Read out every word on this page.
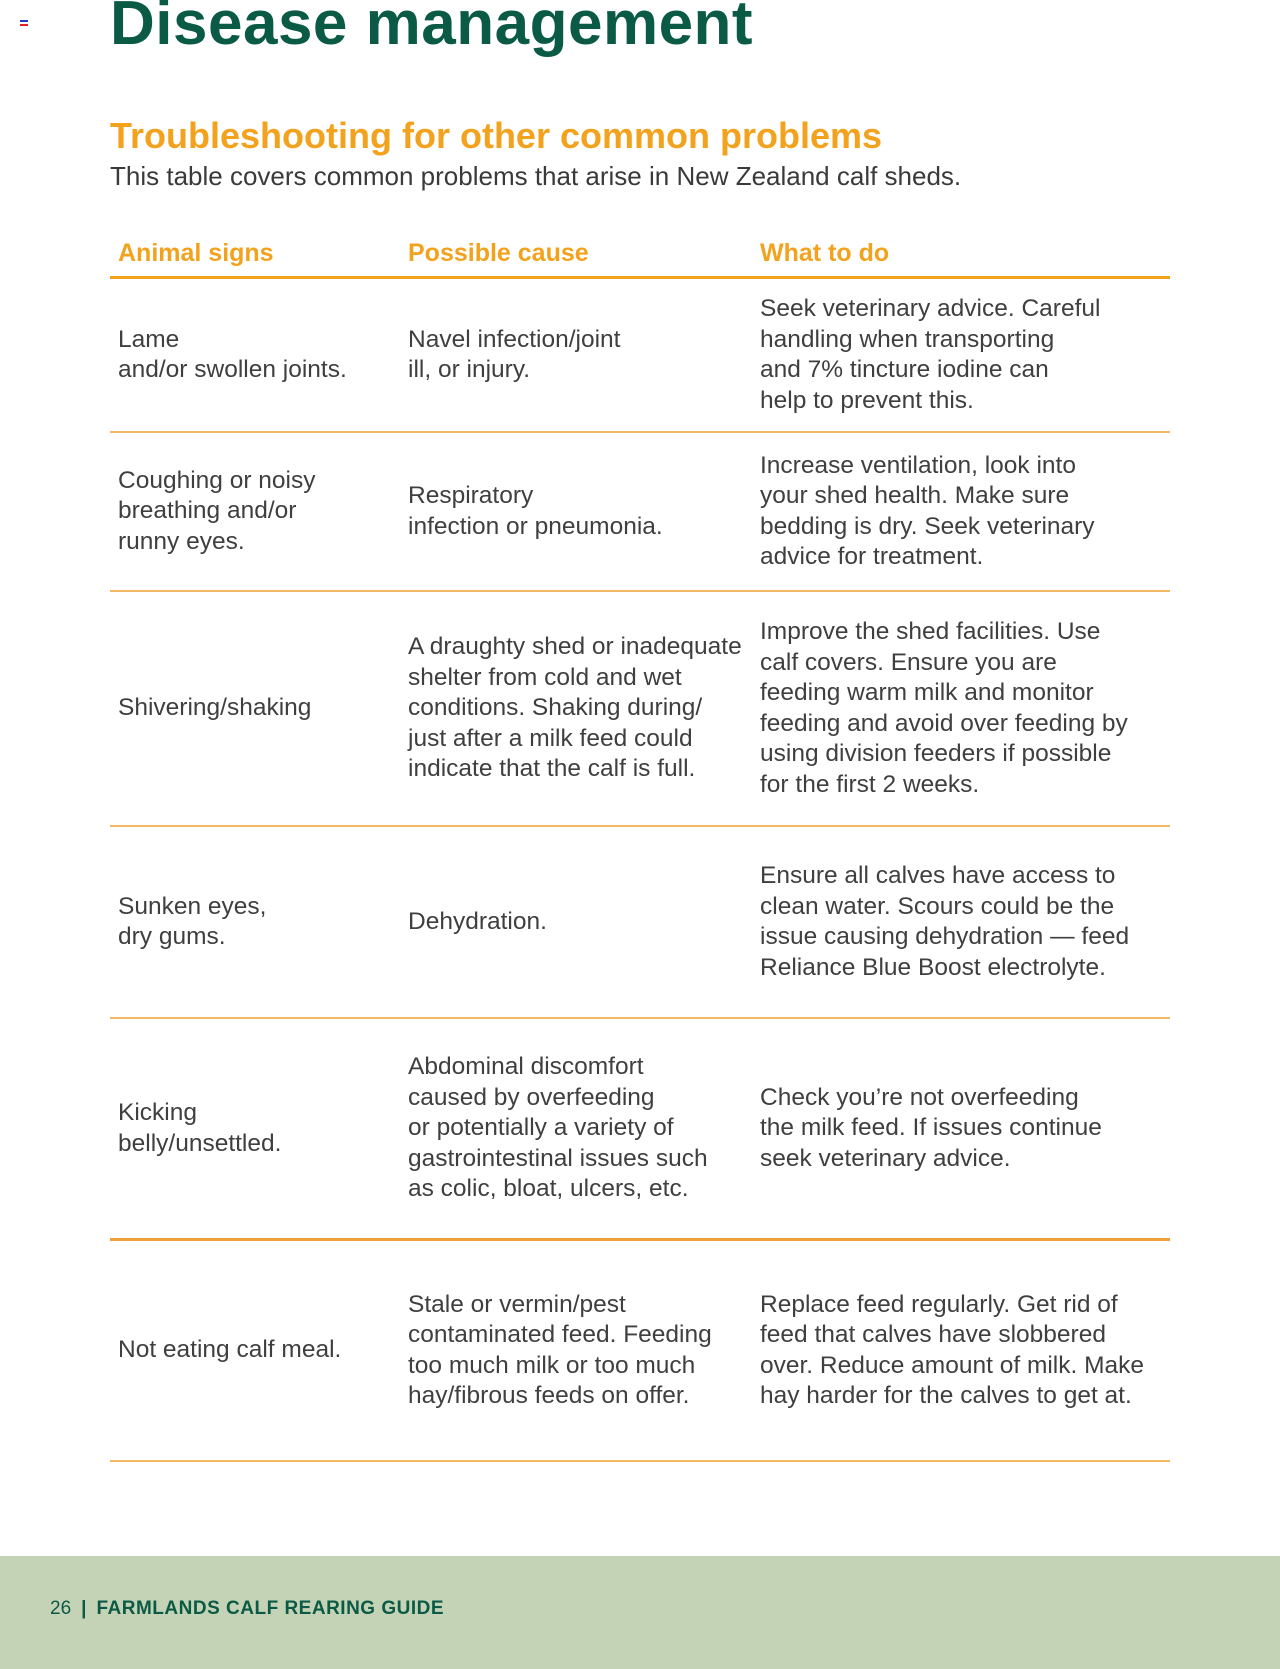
Disease management
Troubleshooting for other common problems

This table covers common problems that arise in New Zealand calf sheds.

Animal signs	Possible cause	What to do
Lame
and/or swollen joints.
Navel infection/joint
ill, or injury.
Seek veterinary advice. Careful
handling when transporting
and 7% tincture iodine can
help to prevent this.
Coughing or noisy
breathing and/or
runny eyes.
Respiratory
infection or pneumonia.
Increase ventilation, look into
your shed health. Make sure
bedding is dry. Seek veterinary
advice for treatment.
Shivering/shaking
A draughty shed or inadequate
shelter from cold and wet
conditions. Shaking during/
just after a milk feed could
indicate that the calf is full.
Improve the shed facilities. Use
calf covers. Ensure you are
feeding warm milk and monitor
feeding and avoid over feeding by
using division feeders if possible
for the first 2 weeks.
Sunken eyes,
dry gums.
Dehydration.
Ensure all calves have access to
clean water. Scours could be the
issue causing dehydration — feed
Reliance Blue Boost electrolyte.
Kicking
belly/unsettled.
Abdominal discomfort
caused by overfeeding
or potentially a variety of
gastrointestinal issues such
as colic, bloat, ulcers, etc.
Check you’re not overfeeding
the milk feed. If issues continue
seek veterinary advice.
Not eating calf meal.
Stale or vermin/pest
contaminated feed. Feeding
too much milk or too much
hay/fibrous feeds on offer.
Replace feed regularly. Get rid of
feed that calves have slobbered
over. Reduce amount of milk. Make
hay harder for the calves to get at.
26 | FARMLANDS CALF REARING GUIDE
